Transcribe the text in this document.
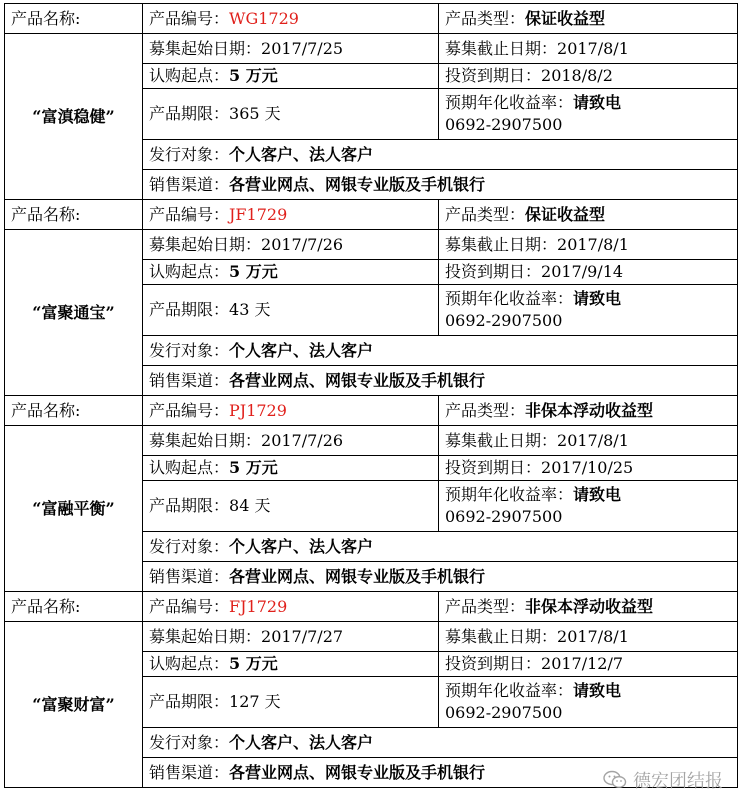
产品名称:	产品编号：WG1729	产品类型：保证收益型
“富滇稳健”	募集起始日期：2017/7/25	募集截止日期：2017/8/1
	认购起点：5 万元	投资到期日：2018/8/2
	产品期限：365 天	预期年化收益率：请致电
0692-2907500
	发行对象：个人客户、法人客户	
	销售渠道：各营业网点、网银专业版及手机银行	
产品名称:	产品编号：JF1729	产品类型：保证收益型
“富聚通宝”	募集起始日期：2017/7/26	募集截止日期：2017/8/1
	认购起点：5 万元	投资到期日：2017/9/14
	产品期限：43 天	预期年化收益率：请致电
0692-2907500
	发行对象：个人客户、法人客户	
	销售渠道：各营业网点、网银专业版及手机银行	
产品名称:	产品编号：PJ1729	产品类型：非保本浮动收益型
“富融平衡”	募集起始日期：2017/7/26	募集截止日期：2017/8/1
	认购起点：5 万元	投资到期日：2017/10/25
	产品期限：84 天	预期年化收益率：请致电
0692-2907500
	发行对象：个人客户、法人客户	
	销售渠道：各营业网点、网银专业版及手机银行	
产品名称:	产品编号：FJ1729	产品类型：非保本浮动收益型
“富聚财富”	募集起始日期：2017/7/27	募集截止日期：2017/8/1
	认购起点：5 万元	投资到期日：2017/12/7
	产品期限：127 天	预期年化收益率：请致电
0692-2907500
	发行对象：个人客户、法人客户	
	销售渠道：各营业网点、网银专业版及手机银行		德宏团结报
